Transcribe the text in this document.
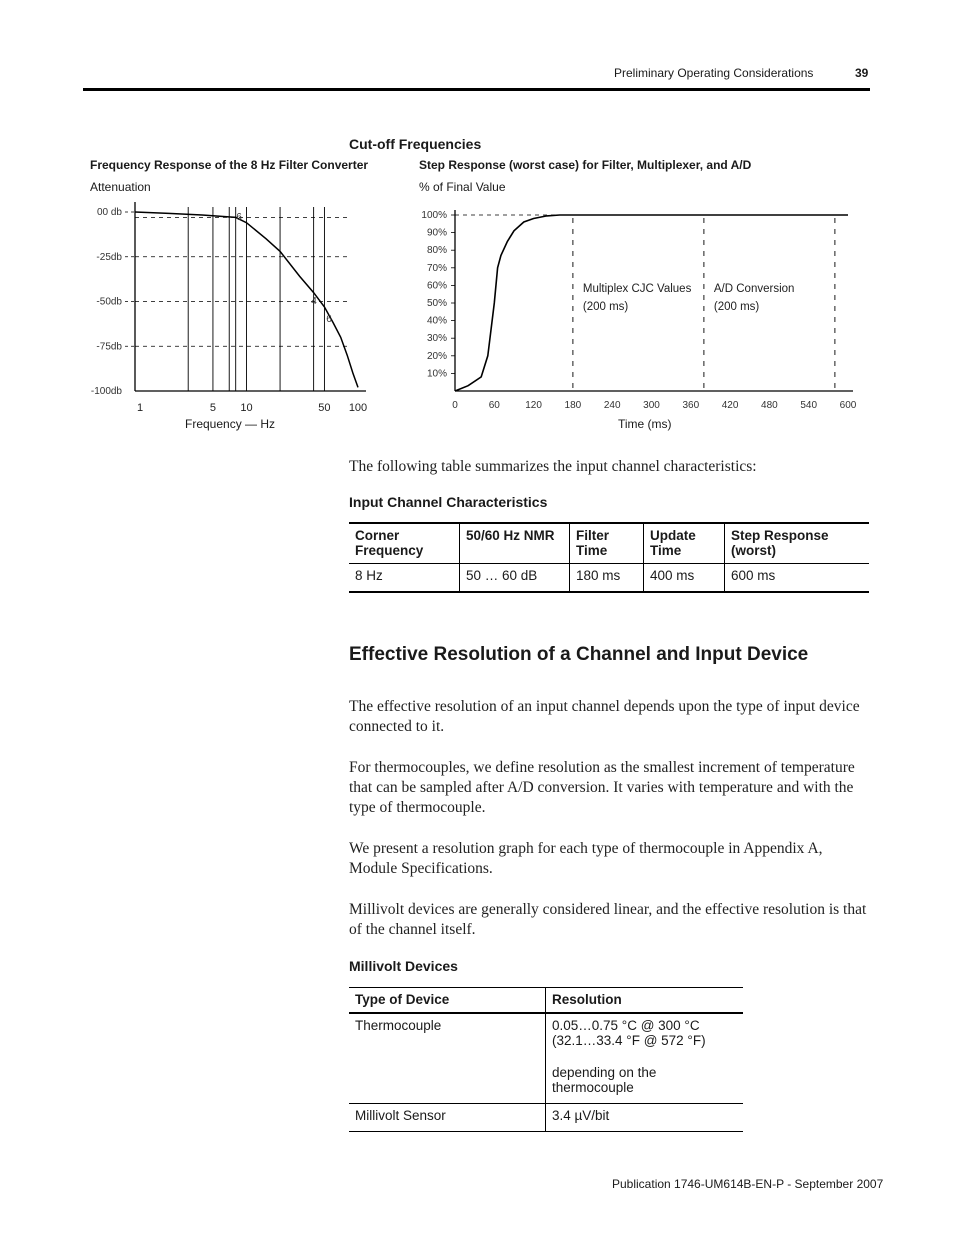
Preliminary Operating Considerations	39
Cut-off Frequencies
Frequency Response of the 8 Hz Filter Converter
Attenuation
Frequency — Hz
Step Response (worst case) for Filter, Multiplexer, and A/D
% of Final Value
Time (ms)
00 db
-25db
-50db
-75db
-100db
1	5 10	50 100
6
4
6
100%
90%
80%
70%
60%
50%
40%
30%
20%
10%
0	60	120 180 240 300 360 420 480 540 600
Multiplex CJC Values
(200 ms)
A/D Conversion
(200 ms)
The following table summarizes the input channel characteristics:
Input Channel Characteristics
Corner Frequency	50/60 Hz NMR	Filter Time	Update Time	Step Response (worst)
8 Hz	50 … 60 dB	180 ms	400 ms	600 ms
Effective Resolution of a Channel and Input Device
The effective resolution of an input channel depends upon the type of input device connected to it.
For thermocouples, we define resolution as the smallest increment of temperature that can be sampled after A/D conversion. It varies with temperature and with the type of thermocouple.
We present a resolution graph for each type of thermocouple in Appendix A, Module Specifications.
Millivolt devices are generally considered linear, and the effective resolution is that of the channel itself.
Millivolt Devices
Type of Device	Resolution
Thermocouple	0.05…0.75 °C @ 300 °C
(32.1…33.4 °F @ 572 °F)
depending on the thermocouple

Millivolt Sensor	3.4 µV/bit
Publication 1746-UM614B-EN-P - September 2007
